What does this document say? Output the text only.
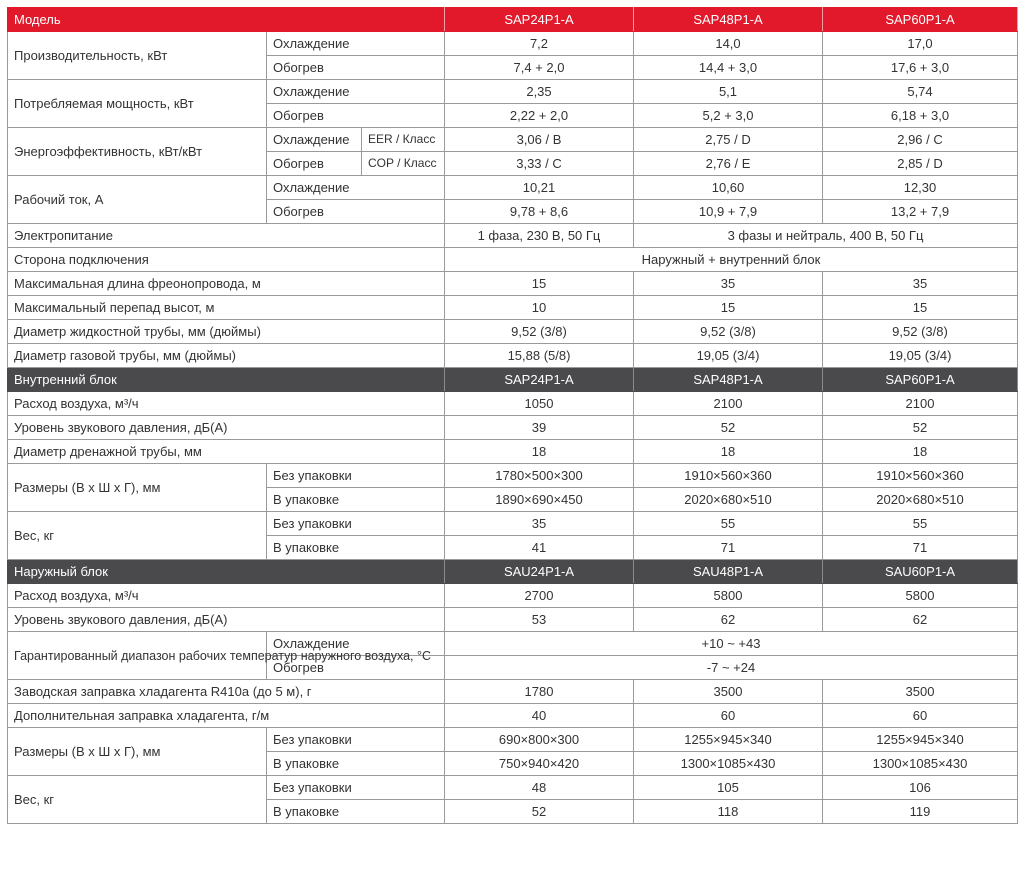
Модель			SAP24P1-A	SAP48P1-A	SAP60P1-A
Производительность, кВт	Охлаждение		7,2	14,0	17,0
	Обогрев		7,4 + 2,0	14,4 + 3,0	17,6 + 3,0
Потребляемая мощность, кВт	Охлаждение		2,35	5,1	5,74
	Обогрев		2,22 + 2,0	5,2 + 3,0	6,18 + 3,0
Энергоэффективность, кВт/кВт	Охлаждение	EER / Класс	3,06 / B	2,75 / D	2,96 / C
	Обогрев	COP / Класс	3,33 / C	2,76 / E	2,85 / D
Рабочий ток, А	Охлаждение		10,21	10,60	12,30
	Обогрев		9,78 + 8,6	10,9 + 7,9	13,2 + 7,9
Электропитание			1 фаза, 230 В, 50 Гц	3 фазы и нейтраль, 400 В, 50 Гц	
Сторона подключения			Наружный + внутренний блок		
Максимальная длина фреонопровода, м			15	35	35
Максимальный перепад высот, м			10	15	15
Диаметр жидкостной трубы, мм (дюймы)			9,52 (3/8)	9,52 (3/8)	9,52 (3/8)
Диаметр газовой трубы, мм (дюймы)			15,88 (5/8)	19,05 (3/4)	19,05 (3/4)
Внутренний блок			SAP24P1-A	SAP48P1-A	SAP60P1-A
Расход воздуха, м³/ч			1050	2100	2100
Уровень звукового давления, дБ(А)			39	52	52
Диаметр дренажной трубы, мм			18	18	18
Размеры (В х Ш х Г), мм	Без упаковки		1780×500×300	1910×560×360	1910×560×360
	В упаковке		1890×690×450	2020×680×510	2020×680×510
Вес, кг	Без упаковки		35	55	55
	В упаковке		41	71	71
Наружный блок			SAU24P1-A	SAU48P1-A	SAU60P1-A
Расход воздуха, м³/ч			2700	5800	5800
Уровень звукового давления, дБ(А)			53	62	62
Гарантированный диапазон рабочих температур наружного воздуха, °С	Охлаждение		+10 ~ +43		
	Обогрев		-7 ~ +24		
Заводская заправка хладагента R410a (до 5 м), г			1780	3500	3500
Дополнительная заправка хладагента, г/м			40	60	60
Размеры (В х Ш х Г), мм	Без упаковки		690×800×300	1255×945×340	1255×945×340
	В упаковке		750×940×420	1300×1085×430	1300×1085×430
Вес, кг	Без упаковки		48	105	106
	В упаковке		52	118	119
